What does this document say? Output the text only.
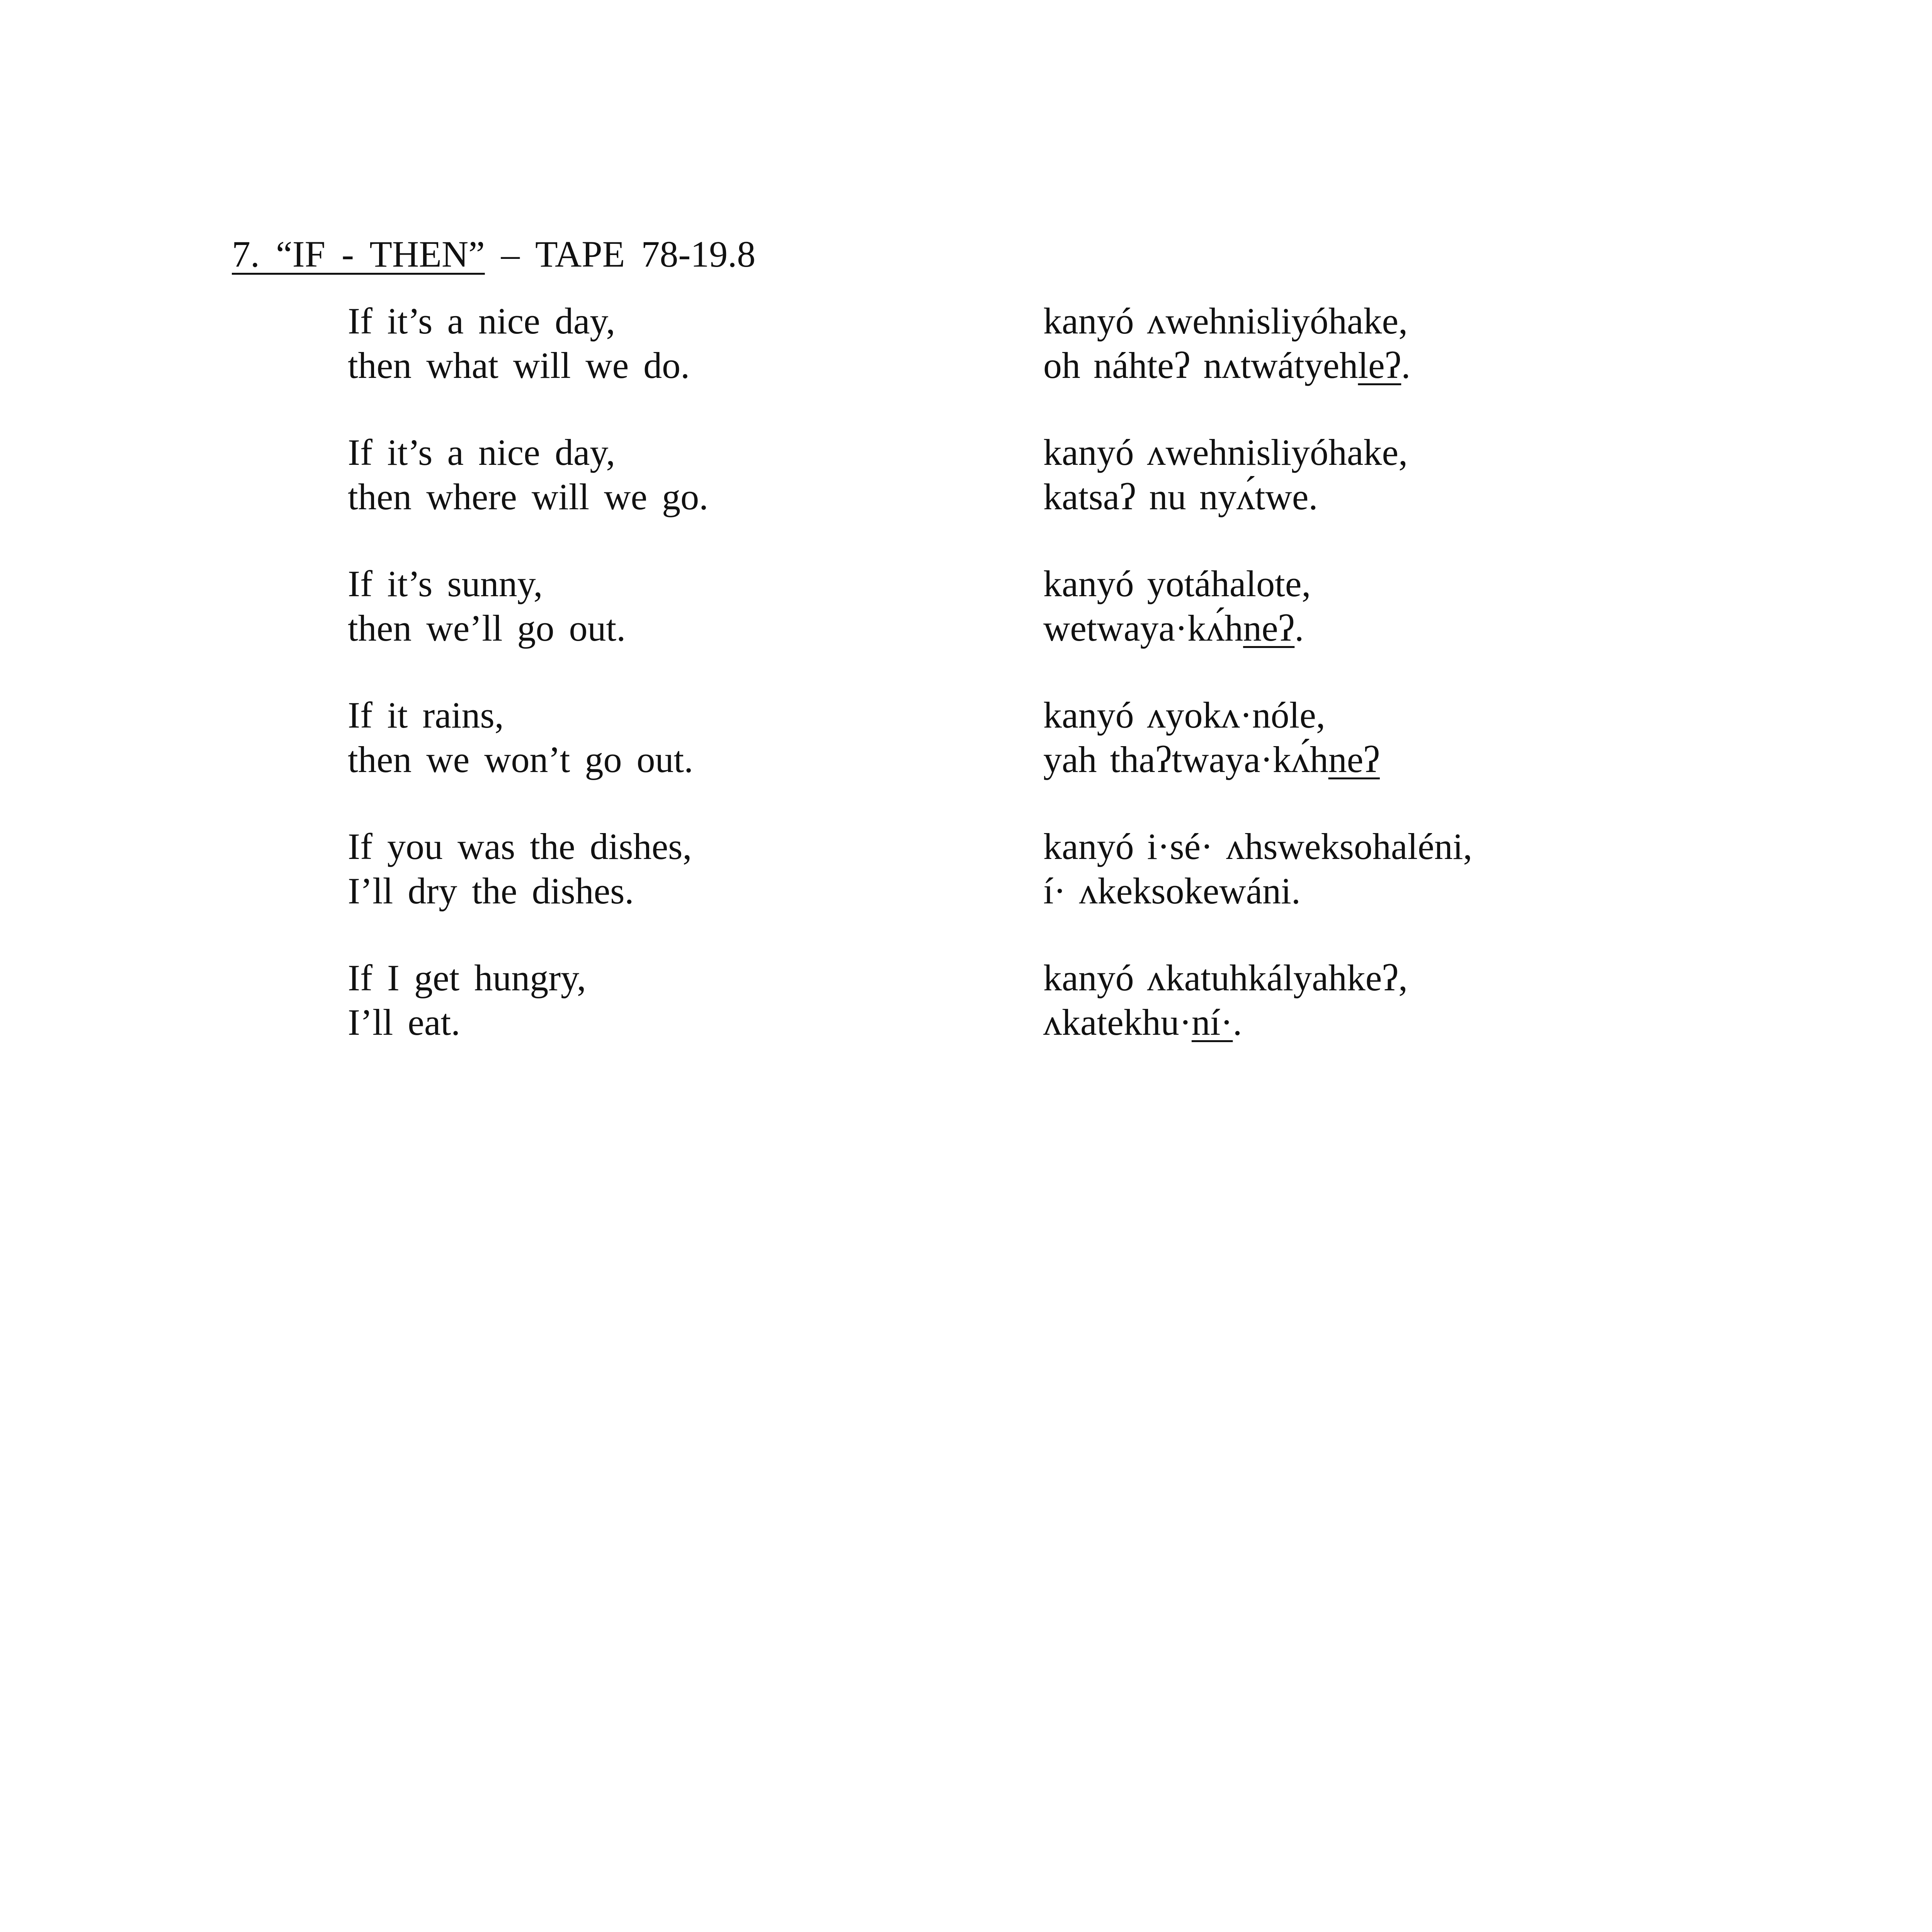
7. “IF - THEN” – TAPE 78-19.8
If it’s a nice day,
then what will we do.
kanyó ʌwehnisliyóhake,
oh náhteʔ nʌtwátyehleʔ.
If it’s a nice day,
then where will we go.
kanyó ʌwehnisliyóhake,
katsaʔ nu nyʌ́twe.
If it’s sunny,
then we’ll go out.
kanyó yotáhalote,
wetwaya·kʌ́hneʔ.
If it rains,
then we won’t go out.
kanyó ʌyokʌ·nóle,
yah thaʔtwaya·kʌ́hneʔ
If you was the dishes,
I’ll dry the dishes.
kanyó i·sé· ʌhsweksohaléni,
í· ʌkeksokewáni.
If I get hungry,
I’ll eat.
kanyó ʌkatuhkályahkeʔ,
ʌkatekhu·ní·.
